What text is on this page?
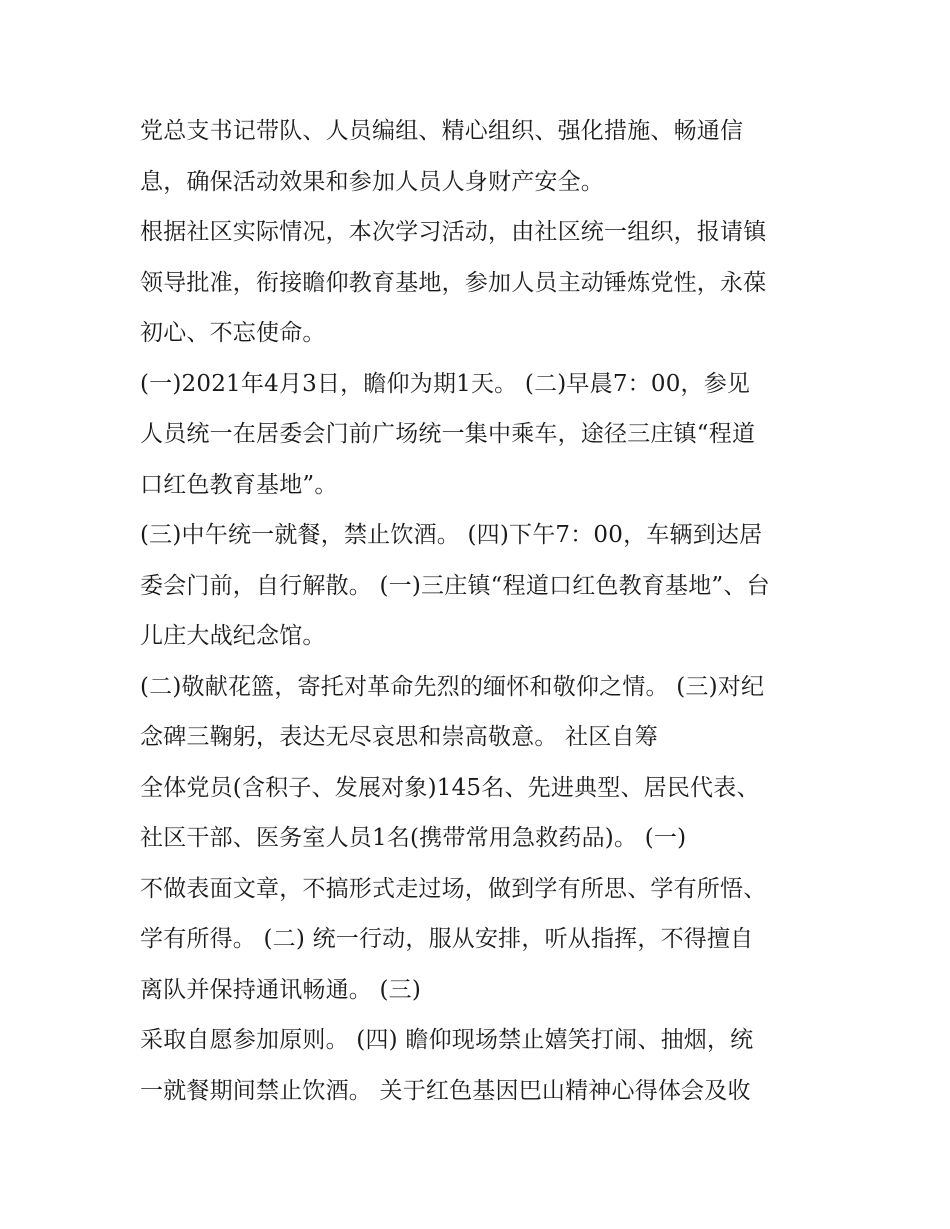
党总支书记带队、人员编组、精心组织、强化措施、畅通信
息，确保活动效果和参加人员人身财产安全。
根据社区实际情况，本次学习活动，由社区统一组织，报请镇
领导批准，衔接瞻仰教育基地，参加人员主动锤炼党性，永葆
初心、不忘使命。
(一)2021年4月3日，瞻仰为期1天。 (二)早晨7：00，参见
人员统一在居委会门前广场统一集中乘车，途径三庄镇“程道
口红色教育基地”。
(三)中午统一就餐，禁止饮酒。 (四)下午7：00，车辆到达居
委会门前，自行解散。 (一)三庄镇“程道口红色教育基地”、台
儿庄大战纪念馆。
(二)敬献花篮，寄托对革命先烈的缅怀和敬仰之情。 (三)对纪
念碑三鞠躬，表达无尽哀思和崇高敬意。 社区自筹
全体党员(含积子、发展对象)145名、先进典型、居民代表、
社区干部、医务室人员1名(携带常用急救药品)。 (一)
不做表面文章，不搞形式走过场，做到学有所思、学有所悟、
学有所得。 (二) 统一行动，服从安排，听从指挥，不得擅自
离队并保持通讯畅通。 (三)
采取自愿参加原则。 (四) 瞻仰现场禁止嬉笑打闹、抽烟，统
一就餐期间禁止饮酒。 关于红色基因巴山精神心得体会及收
